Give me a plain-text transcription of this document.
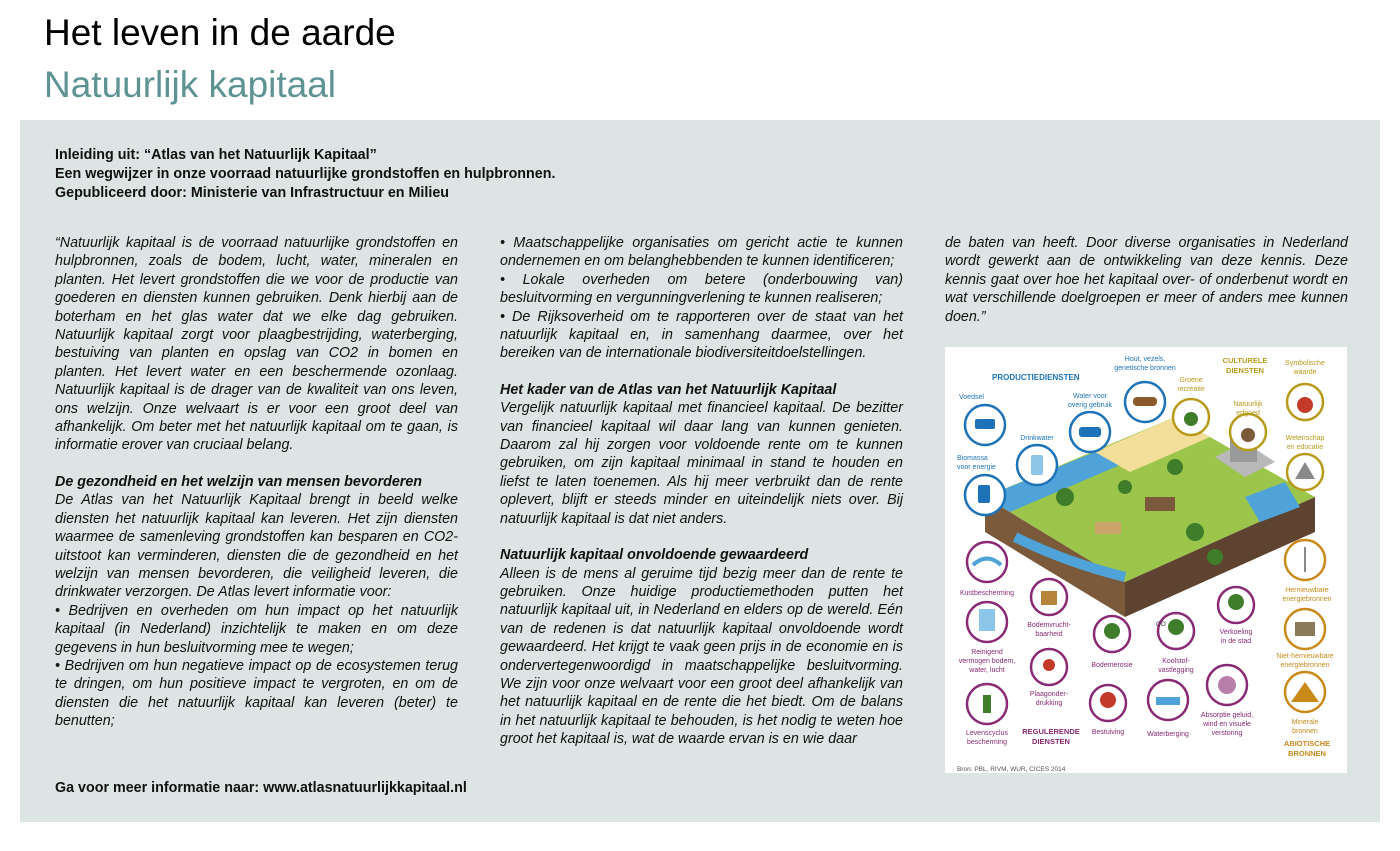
Het leven in de aarde
Natuurlijk kapitaal
Inleiding uit: “Atlas van het Natuurlijk Kapitaal”
Een wegwijzer in onze voorraad natuurlijke grondstoffen en hulpbronnen.
Gepubliceerd door: Ministerie van Infrastructuur en Milieu

“Natuurlijk kapitaal is de voorraad natuurlijke grondstoffen en hulpbronnen, zoals de bodem, lucht, water, mineralen en planten. Het levert grondstoffen die we voor de productie van goederen en diensten kunnen gebruiken. Denk hierbij aan de boterham en het glas water dat we elke dag gebruiken. Natuurlijk kapitaal zorgt voor plaagbestrijding, waterberging, bestuiving van planten en opslag van CO2 in bomen en planten. Het levert water en een beschermende ozonlaag. Natuurlijk kapitaal is de drager van de kwaliteit van ons leven, ons welzijn. Onze welvaart is er voor een groot deel van afhankelijk. Om beter met het natuurlijk kapitaal om te gaan, is informatie erover van cruciaal belang.

De gezondheid en het welzijn van mensen bevorderen

De Atlas van het Natuurlijk Kapitaal brengt in beeld welke diensten het natuurlijk kapitaal kan leveren. Het zijn diensten waarmee de samenleving grondstoffen kan besparen en CO2-uitstoot kan verminderen, diensten die de gezondheid en het welzijn van mensen bevorderen, die veiligheid leveren, die drinkwater verzorgen. De Atlas levert informatie voor:

• Bedrijven en overheden om hun impact op het natuurlijk kapitaal (in Nederland) inzichtelijk te maken en om deze gegevens in hun besluitvorming mee te wegen;

• Bedrijven om hun negatieve impact op de ecosystemen terug te dringen, om hun positieve impact te vergroten, en om de diensten die het natuurlijk kapitaal kan leveren (beter) te benutten;

• Maatschappelijke organisaties om gericht actie te kunnen ondernemen en om belanghebbenden te kunnen identificeren;

• Lokale overheden om betere (onderbouwing van) besluitvorming en vergunningverlening te kunnen realiseren;

• De Rijksoverheid om te rapporteren over de staat van het natuurlijk kapitaal en, in samenhang daarmee, over het bereiken van de internationale biodiversiteitdoelstellingen.

Het kader van de Atlas van het Natuurlijk Kapitaal

Vergelijk natuurlijk kapitaal met financieel kapitaal. De bezitter van financieel kapitaal wil daar lang van kunnen genieten. Daarom zal hij zorgen voor voldoende rente om te kunnen gebruiken, om zijn kapitaal minimaal in stand te houden en liefst te laten toenemen. Als hij meer verbruikt dan de rente oplevert, blijft er steeds minder en uiteindelijk niets over. Bij natuurlijk kapitaal is dat niet anders.

Natuurlijk kapitaal onvoldoende gewaardeerd

Alleen is de mens al geruime tijd bezig meer dan de rente te gebruiken. Onze huidige productiemethoden putten het natuurlijk kapitaal uit, in Nederland en elders op de wereld. Eén van de redenen is dat natuurlijk kapitaal onvoldoende wordt gewaardeerd. Het krijgt te vaak geen prijs in de economie en is ondervertegenwoordigd in maatschappelijke besluitvorming. We zijn voor onze welvaart voor een groot deel afhankelijk van het natuurlijk kapitaal en de rente die het biedt. Om de balans in het natuurlijk kapitaal te behouden, is het nodig te weten hoe groot het kapitaal is, wat de waarde ervan is en wie daar

de baten van heeft. Door diverse organisaties in Nederland wordt gewerkt aan de ontwikkeling van deze kennis. Deze kennis gaat over hoe het kapitaal over- of onderbenut wordt en wat verschillende doelgroepen er meer of anders mee kunnen doen.”

PRODUCTIEDIENSTEN
CULTURELE
DIENSTEN
REGULERENDE
DIENSTEN	ABIOTISCHE
BRONNEN
Bron: PBL, RIVM, WUR, CICES 2014
Voedsel	Water voor
overig gebruik
Hout, vezels,
genetische bronnen
Drinkwater
Biomassa
voor energie
Groene
recreatie
Natuurlijk
erfgoed
Symbolische
waarde
Wetenschap
en educatie
CO
Kustbescherming
Reinigend
vermogen bodem,
water, lucht
Bodemvrucht-
baarheid
Bodemerosie
Koolstof-
vastlegging
Verkoeling
in de stad
Plaagonder-
drukking
Absorptie geluid,
wind en visuele
verstoring
Levenscyclus
bescherming
Bestuiving	Waterberging
Hernieuwbare
energiebronnen
Niet-hernieuwbare
energiebronnen
Minerale
bronnen
Ga voor meer informatie naar: www.atlasnatuurlijkkapitaal.nl
